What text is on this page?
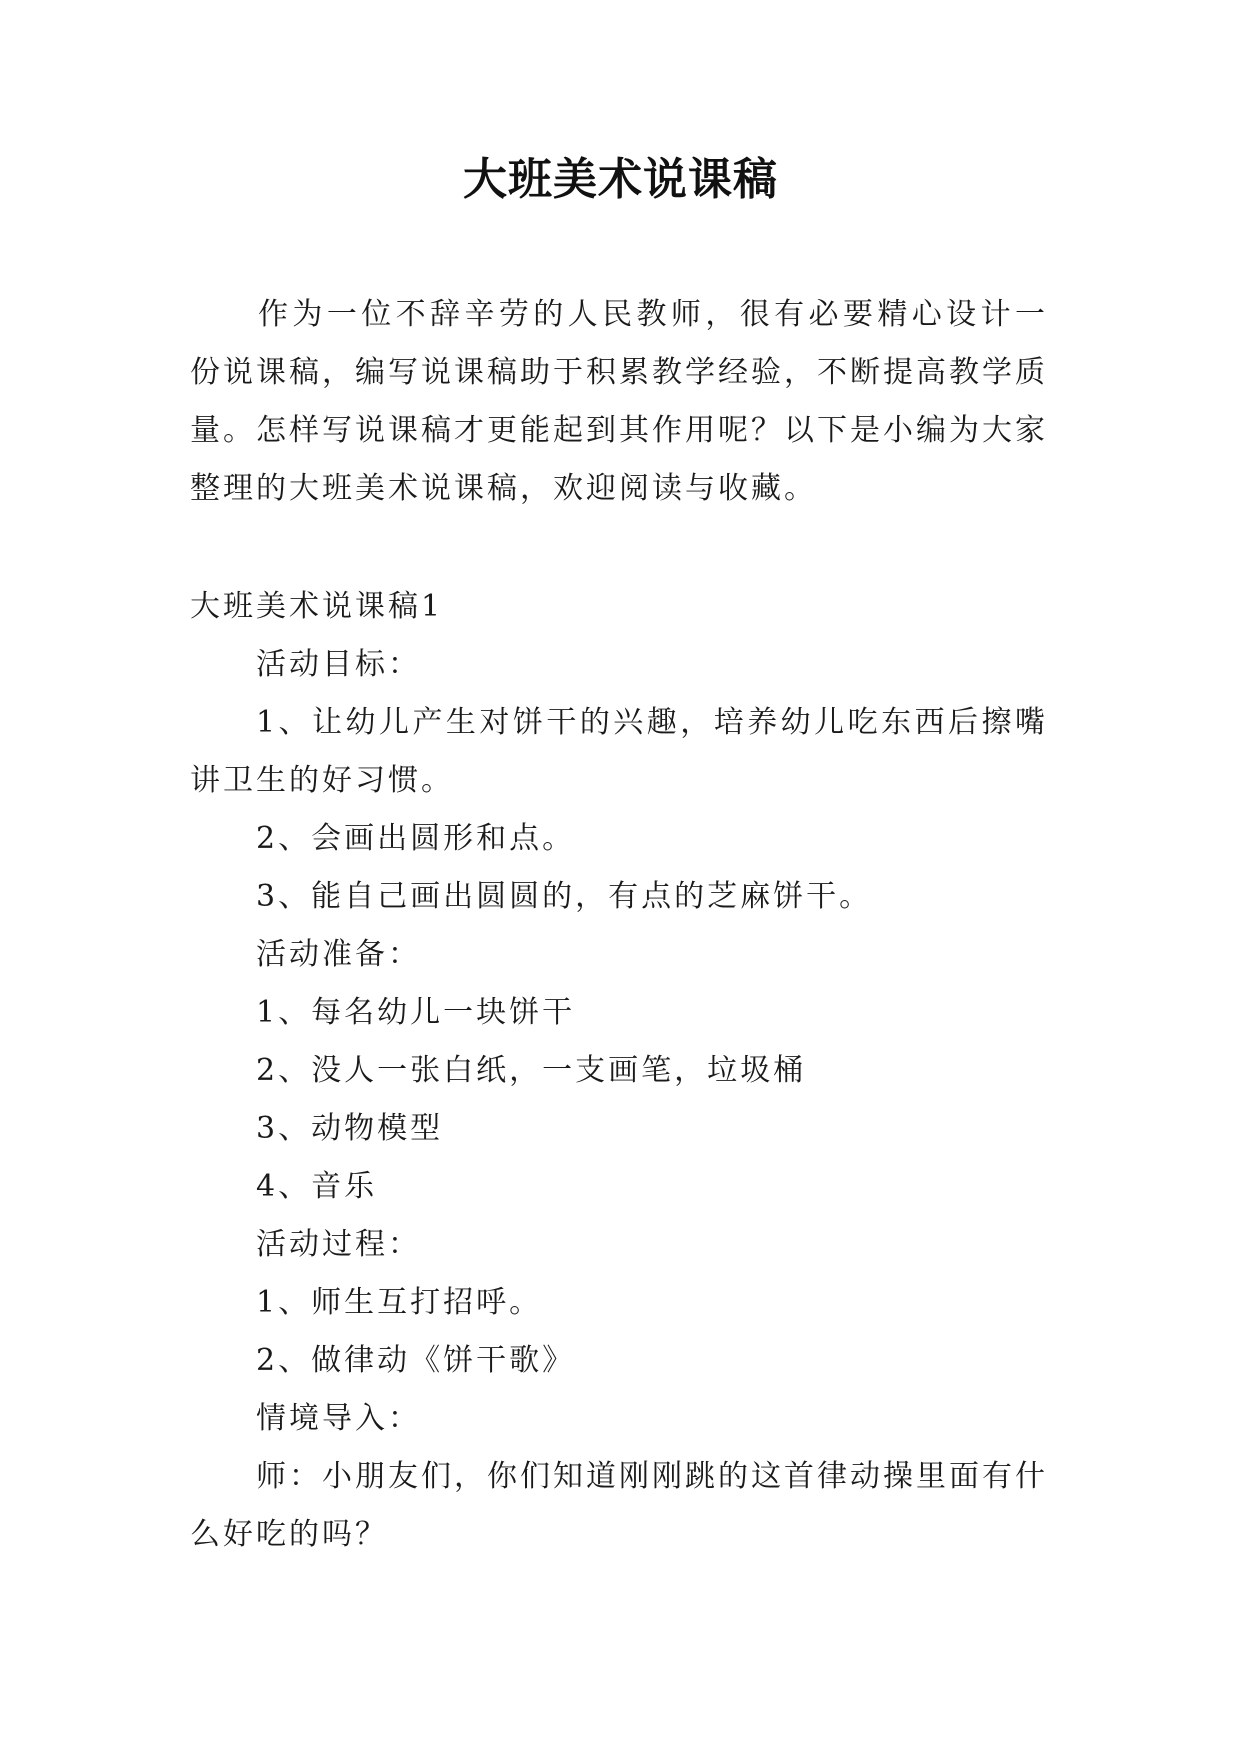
大班美术说课稿

作为一位不辞辛劳的人民教师，很有必要精心设计一份说课稿，编写说课稿助于积累教学经验，不断提高教学质量。怎样写说课稿才更能起到其作用呢？以下是小编为大家整理的大班美术说课稿，欢迎阅读与收藏。

大班美术说课稿1

活动目标：

1、让幼儿产生对饼干的兴趣，培养幼儿吃东西后擦嘴讲卫生的好习惯。

2、会画出圆形和点。

3、能自己画出圆圆的，有点的芝麻饼干。

活动准备：

1、每名幼儿一块饼干

2、没人一张白纸，一支画笔，垃圾桶

3、动物模型

4、音乐

活动过程：

1、师生互打招呼。

2、做律动《饼干歌》

情境导入：

师：小朋友们，你们知道刚刚跳的这首律动操里面有什么好吃的吗？
